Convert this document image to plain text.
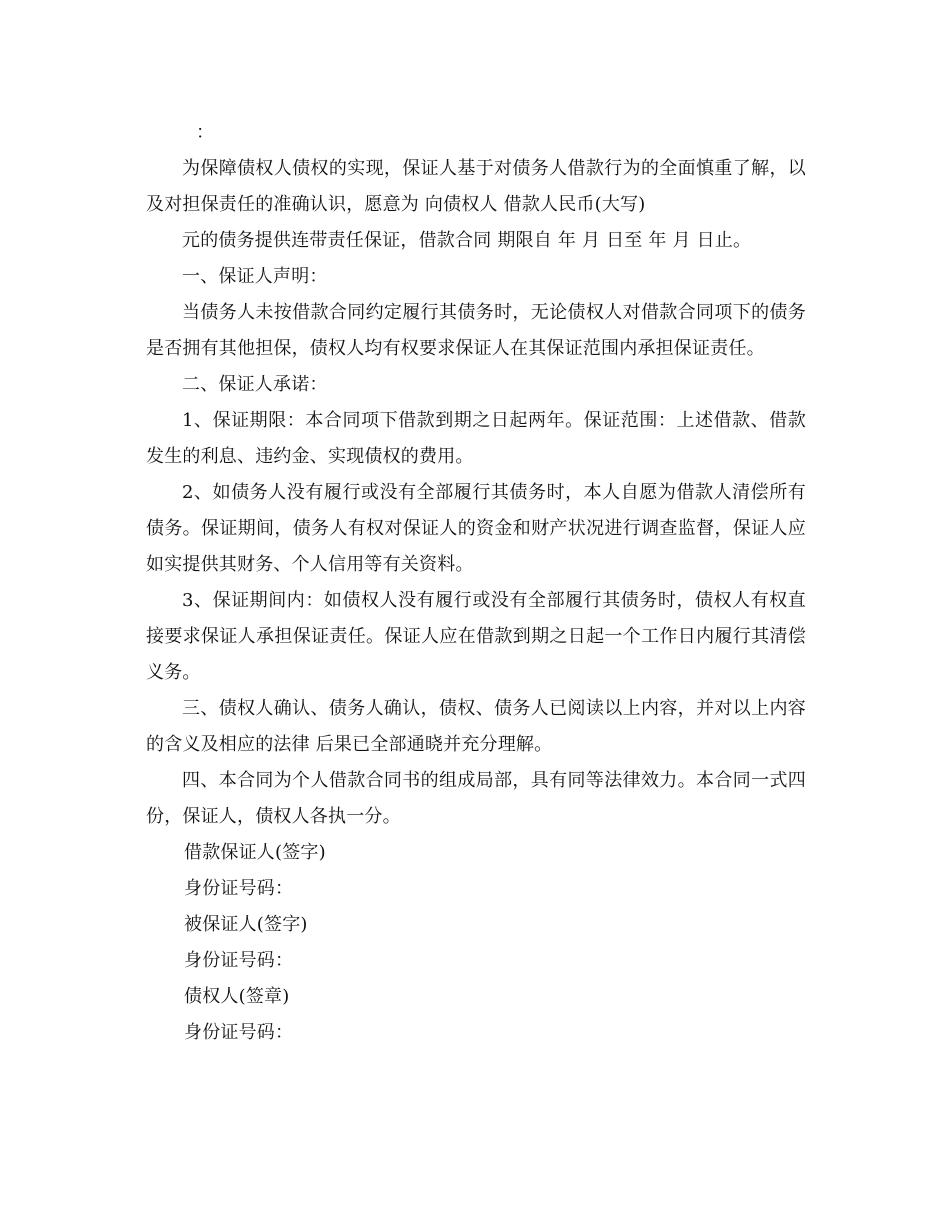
：

为保障债权人债权的实现，保证人基于对债务人借款行为的全面慎重了解，以及对担保责任的准确认识，愿意为 向债权人 借款人民币(大写)

元的债务提供连带责任保证，借款合同 期限自 年 月 日至 年 月 日止。

一、保证人声明：

当债务人未按借款合同约定履行其债务时，无论债权人对借款合同项下的债务是否拥有其他担保，债权人均有权要求保证人在其保证范围内承担保证责任。

二、保证人承诺：

1、保证期限：本合同项下借款到期之日起两年。保证范围：上述借款、借款发生的利息、违约金、实现债权的费用。

2、如债务人没有履行或没有全部履行其债务时，本人自愿为借款人清偿所有债务。保证期间，债务人有权对保证人的资金和财产状况进行调查监督，保证人应如实提供其财务、个人信用等有关资料。

3、保证期间内：如债权人没有履行或没有全部履行其债务时，债权人有权直接要求保证人承担保证责任。保证人应在借款到期之日起一个工作日内履行其清偿义务。

三、债权人确认、债务人确认，债权、债务人已阅读以上内容，并对以上内容的含义及相应的法律 后果已全部通晓并充分理解。

四、本合同为个人借款合同书的组成局部，具有同等法律效力。本合同一式四份，保证人，债权人各执一分。

借款保证人(签字)
身份证号码：
被保证人(签字)
身份证号码：
债权人(签章)
身份证号码：
